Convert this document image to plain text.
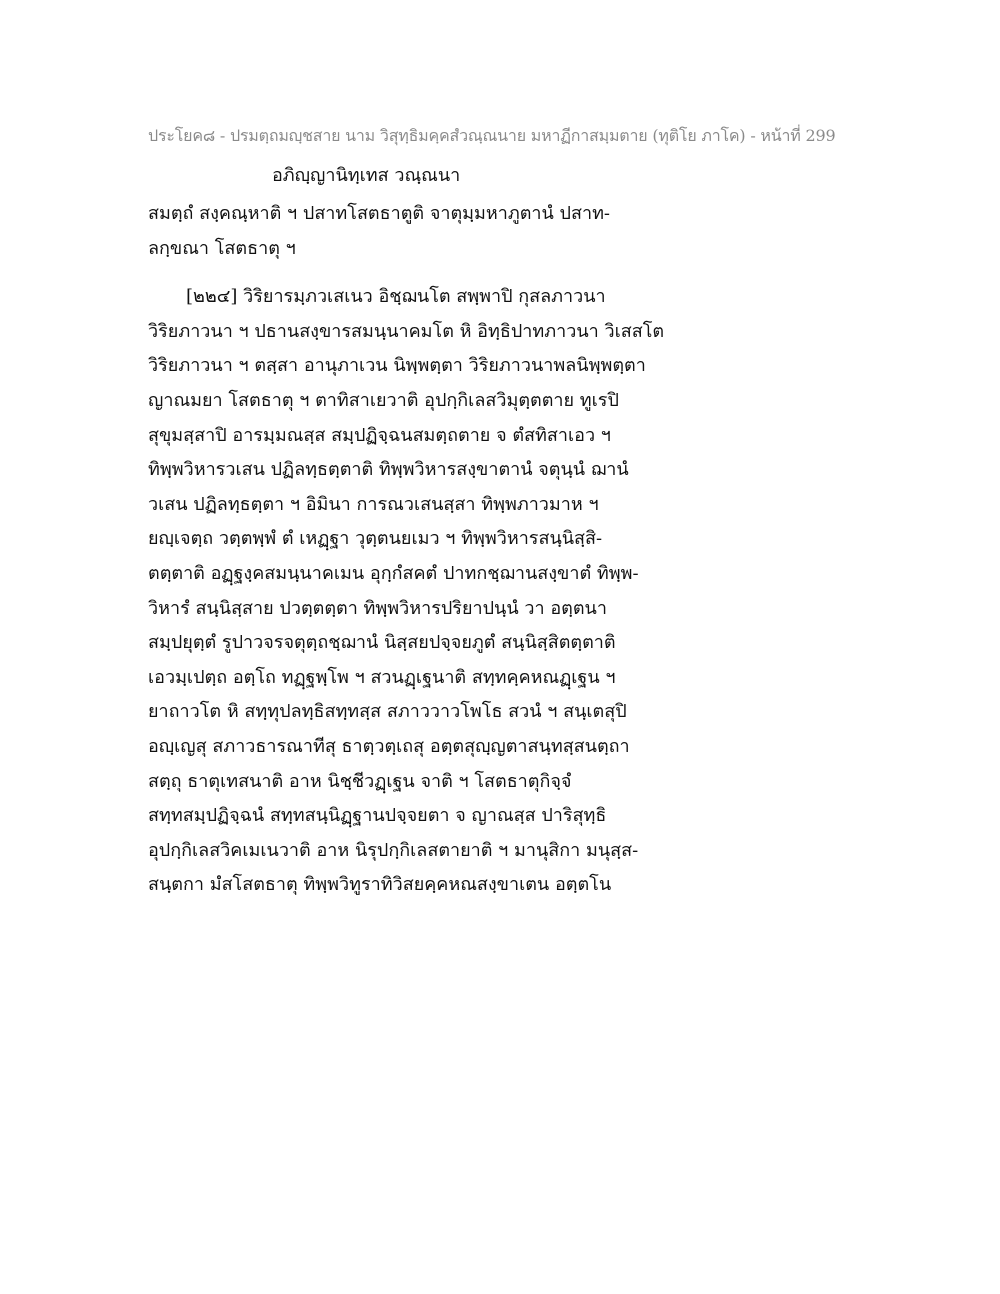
ประโยค๘ - ปรมตฺถมญฺชสาย นาม วิสุทฺธิมคฺคสํวณฺณนาย มหาฏีกาสมฺมตาย (ทุติโย ภาโค) - หน้าที่ 299
อภิญฺญานิทฺเทส วณฺณนา
สมตฺถํ สงฺคณฺหาติ ฯ ปสาทโสตธาตูติ จาตุมฺมหาภูตานํ ปสาท-
ลกฺขณา โสตธาตุ ฯ
[๒๒๔] วิริยารมฺภวเสเนว อิชฺฌนโต สพฺพาปิ กุสลภาวนา
วิริยภาวนา ฯ ปธานสงฺขารสมนฺนาคมโต หิ อิทฺธิปาทภาวนา วิเสสโต
วิริยภาวนา ฯ ตสฺสา อานุภาเวน นิพฺพตฺตา วิริยภาวนาพลนิพฺพตฺตา
ญาณมยา โสตธาตุ ฯ ตาทิสาเยวาติ อุปกฺกิเลสวิมุตฺตตาย ทูเรปิ
สุขุมสฺสาปิ อารมฺมณสฺส สมฺปฏิจฺฉนสมตฺถตาย จ ตํสทิสาเอว ฯ
ทิพฺพวิหารวเสน ปฏิลทฺธตฺตาติ ทิพฺพวิหารสงฺขาตานํ จตุนฺนํ ฌานํ
วเสน ปฏิลทฺธตฺตา ฯ อิมินา การณวเสนสฺสา ทิพฺพภาวมาห ฯ
ยญฺเจตฺถ วตฺตพฺพํ ตํ เหฏฺฐา วุตฺตนยเมว ฯ ทิพฺพวิหารสนฺนิสฺสิ-
ตตฺตาติ อฏฺฐงฺคสมนฺนาคเมน อุกฺกํสคตํ ปาทกชฺฌานสงฺขาตํ ทิพฺพ-
วิหารํ สนฺนิสฺสาย ปวตฺตตฺตา ทิพฺพวิหารปริยาปนฺนํ วา อตฺตนา
สมฺปยุตฺตํ รูปาวจรจตุตฺถชฺฌานํ นิสฺสยปจฺจยภูตํ สนฺนิสฺสิตตฺตาติ
เอวมฺเปตฺถ อตฺโถ ทฏฺฐพฺโพ ฯ สวนฏฺเฐนาติ สทฺทคฺคหณฏฺเฐน ฯ
ยาถาวโต หิ สทฺทุปลทฺธิสทฺทสฺส สภาววาวโพโธ สวนํ ฯ สนฺเตสุปิ
อญฺเญสุ สภาวธารณาทีสุ ธาตฺวตฺเถสุ อตฺตสุญฺญตาสนฺทสฺสนตฺถา
สตฺถุ ธาตุเทสนาติ อาห นิชฺชีวฏฺเฐน จาติ ฯ โสตธาตุกิจฺจํ
สทฺทสมฺปฏิจฺฉนํ สทฺทสนฺนิฏฺฐานปจฺจยตา จ ญาณสฺส ปาริสุทฺธิ
อุปกฺกิเลสวิคเมเนวาติ อาห นิรุปกฺกิเลสตายาติ ฯ มานุสิกา มนุสฺส-
สนฺตกา มํสโสตธาตุ ทิพฺพวิทูราทิวิสยคฺคหณสงฺขาเตน อตฺตโน
